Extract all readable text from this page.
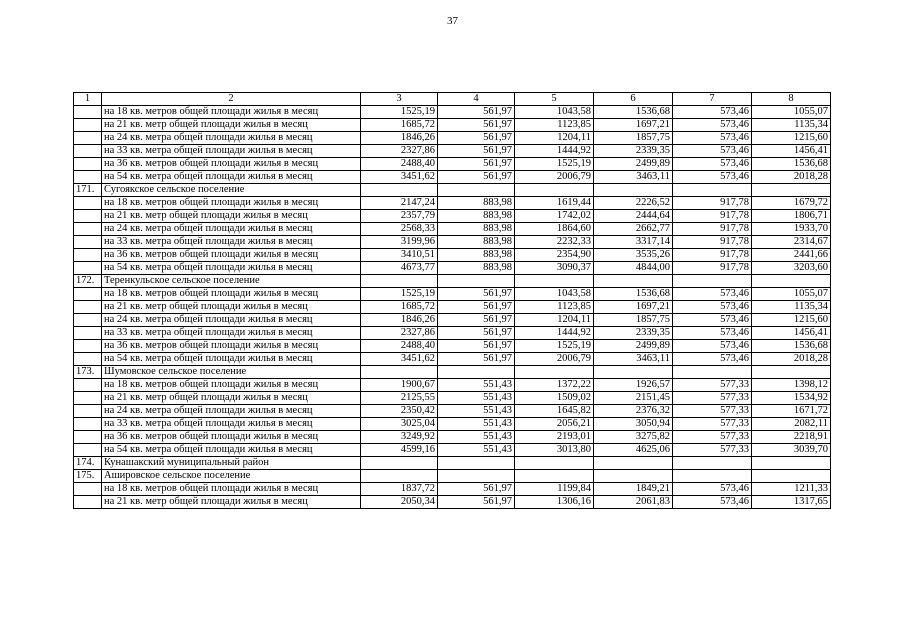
37
1	2	3	4	5	6	7	8
	на 18 кв. метров общей площади жилья в месяц	1525,19	561,97	1043,58	1536,68	573,46	1055,07
	на 21 кв. метр общей площади жилья в месяц	1685,72	561,97	1123,85	1697,21	573,46	1135,34
	на 24 кв. метра общей площади жилья в месяц	1846,26	561,97	1204,11	1857,75	573,46	1215,60
	на 33 кв. метра общей площади жилья в месяц	2327,86	561,97	1444,92	2339,35	573,46	1456,41
	на 36 кв. метров общей площади жилья в месяц	2488,40	561,97	1525,19	2499,89	573,46	1536,68
	на 54 кв. метра общей площади жилья в месяц	3451,62	561,97	2006,79	3463,11	573,46	2018,28
171.	Сугоякское сельское поселение						
	на 18 кв. метров общей площади жилья в месяц	2147,24	883,98	1619,44	2226,52	917,78	1679,72
	на 21 кв. метр общей площади жилья в месяц	2357,79	883,98	1742,02	2444,64	917,78	1806,71
	на 24 кв. метра общей площади жилья в месяц	2568,33	883,98	1864,60	2662,77	917,78	1933,70
	на 33 кв. метра общей площади жилья в месяц	3199,96	883,98	2232,33	3317,14	917,78	2314,67
	на 36 кв. метров общей площади жилья в месяц	3410,51	883,98	2354,90	3535,26	917,78	2441,66
	на 54 кв. метра общей площади жилья в месяц	4673,77	883,98	3090,37	4844,00	917,78	3203,60
172.	Теренкульское сельское поселение						
	на 18 кв. метров общей площади жилья в месяц	1525,19	561,97	1043,58	1536,68	573,46	1055,07
	на 21 кв. метр общей площади жилья в месяц	1685,72	561,97	1123,85	1697,21	573,46	1135,34
	на 24 кв. метра общей площади жилья в месяц	1846,26	561,97	1204,11	1857,75	573,46	1215,60
	на 33 кв. метра общей площади жилья в месяц	2327,86	561,97	1444,92	2339,35	573,46	1456,41
	на 36 кв. метров общей площади жилья в месяц	2488,40	561,97	1525,19	2499,89	573,46	1536,68
	на 54 кв. метра общей площади жилья в месяц	3451,62	561,97	2006,79	3463,11	573,46	2018,28
173.	Шумовское сельское поселение						
	на 18 кв. метров общей площади жилья в месяц	1900,67	551,43	1372,22	1926,57	577,33	1398,12
	на 21 кв. метр общей площади жилья в месяц	2125,55	551,43	1509,02	2151,45	577,33	1534,92
	на 24 кв. метра общей площади жилья в месяц	2350,42	551,43	1645,82	2376,32	577,33	1671,72
	на 33 кв. метра общей площади жилья в месяц	3025,04	551,43	2056,21	3050,94	577,33	2082,11
	на 36 кв. метров общей площади жилья в месяц	3249,92	551,43	2193,01	3275,82	577,33	2218,91
	на 54 кв. метра общей площади жилья в месяц	4599,16	551,43	3013,80	4625,06	577,33	3039,70
174.	Кунашакский муниципальный район						
175.	Ашировское сельское поселение						
	на 18 кв. метров общей площади жилья в месяц	1837,72	561,97	1199,84	1849,21	573,46	1211,33
	на 21 кв. метр общей площади жилья в месяц	2050,34	561,97	1306,16	2061,83	573,46	1317,65
